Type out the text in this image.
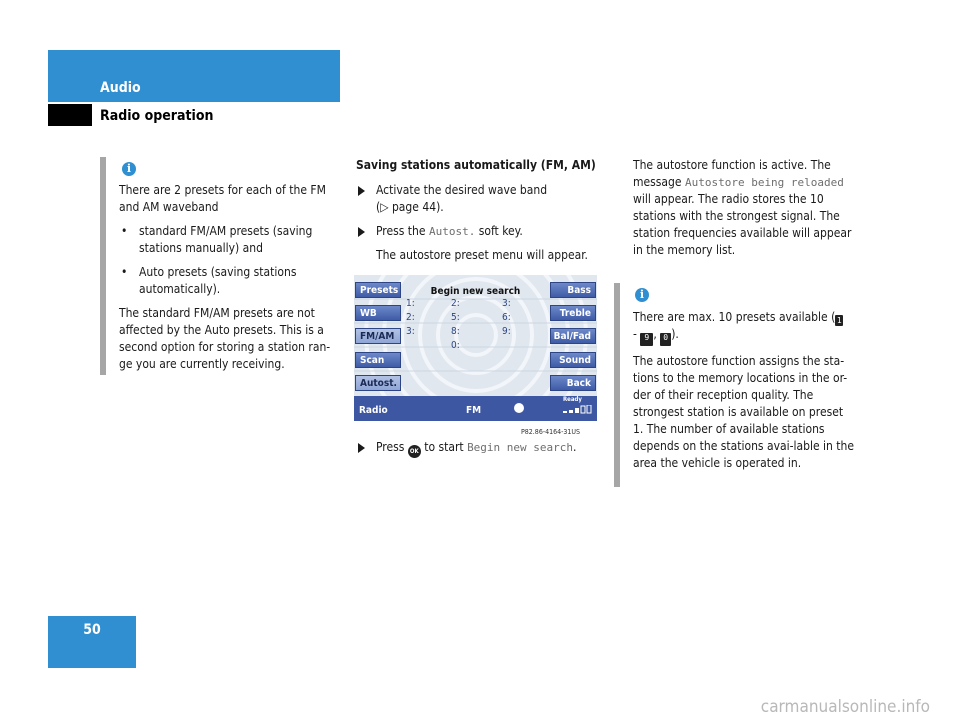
Audio
Radio operation
i

There are 2 presets for each of the FM and AM waveband

• standard FM/AM presets (saving stations manually) and
• Auto presets (saving stations automatically).

The standard FM/AM presets are not affected by the Auto presets. This is a second option for storing a station ran-ge you are currently receiving.

Saving stations automatically (FM, AM)
Activate the desired wave band
(▷ page 44).
Press the Autost. soft key.
The autostore preset menu will appear.
Begin new search
Presets
WB
FM/AM
Scan
Autost.
Bass
Treble
Bal/Fad
Sound
Back
1:
2:
3:
2:
5:
8:
0:
3:
6:
9:
Radio	FM
Ready
P82.86-4164-31US
Press OK to start Begin new search.

The autostore function is active. The message Autostore being reloaded will appear. The radio stores the 10 stations with the strongest signal. The station frequencies available will appear in the memory list.

i

There are max. 10 presets available ( 1
- 9 , 0 ).

The autostore function assigns the sta-tions to the memory locations in the or-der of their reception quality. The strongest station is available on preset 1. The number of available stations depends on the stations avai-lable in the area the vehicle is operated in.

50
carmanualsonline.info
